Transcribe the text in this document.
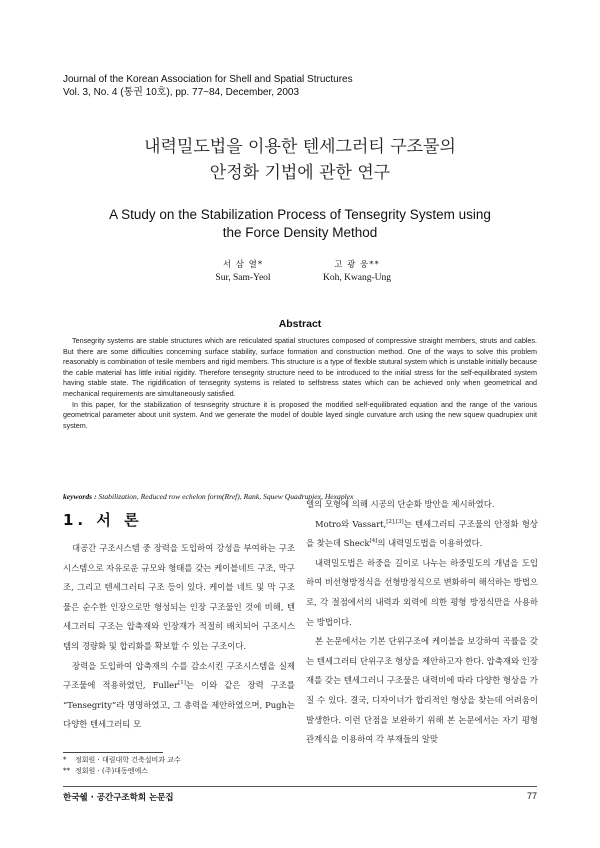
Journal of the Korean Association for Shell and Spatial Structures
Vol. 3, No. 4 (통권 10호), pp. 77~84, December, 2003
내력밀도법을 이용한 텐세그러티 구조물의
안정화 기법에 관한 연구
A Study on the Stabilization Process of Tensegrity System using
the Force Density Method
서 삼 열*
Sur, Sam-Yeol
고 광 웅**
Koh, Kwang-Ung
Abstract

Tensegrity systems are stable structures which are reticulated spatial structures composed of compressive straight members, struts and cables. But there are some difficulties concerning surface stability, surface formation and construction method. One of the ways to solve this problem reasonably is combination of tesile members and rigid members. This structure is a type of flexible stutural system which is unstable initially because the cable material has little initial rigidity. Therefore tensegrity structure need to be introduced to the initial stress for the self-equilibrated system having stable state. The rigidification of tensegrity systems is related to selfstress states which can be achieved only when geometrical and mechanical requirements are simultaneously satisfied.

In this paper, for the stabilization of tesnsegrity structure it is proposed the modified self-equilibrated equation and the range of the various geometrical parameter about unit system. And we generate the model of double layed single curvature arch using the new squew quadrupiex unit system.

keywords : Stabilization, Reduced row echelon form(Rref), Rank, Squew Quadrupiex, Hexaplex
1. 서 론

대공간 구조시스템 중 장력을 도입하여 강성을 부여하는 구조시스템으로 자유로운 규모와 형태를 갖는 케이블네트 구조, 막구조, 그리고 텐세그러티 구조 등이 있다. 케이블 네트 및 막 구조물은 순수한 인장으로만 형성되는 인장 구조물인 것에 비해, 텐세그러티 구조는 압축재와 인장재가 적절히 배치되어 구조시스템의 경량화 및 합리화를 확보할 수 있는 구조이다.

장력을 도입하여 압축재의 수를 감소시킨 구조시스템을 실제 구조물에 적용하였던, Fuller[1]는 이와 같은 장력 구조를 “Tensegrity”라 명명하였고, 그 총력을 제안하였으며, Pugh는 다양한 텐세그러티 모

델의 모형에 의해 시공의 단순화 방안을 제시하였다.

Motro와 Vassart,[2],[3]는 텐세그러티 구조물의 안정화 형상을 찾는데 Sheck[4]의 내력밀도법을 이용하였다.

내력밀도법은 하중을 길이로 나누는 하중밀도의 개념을 도입하여 비선형방정식을 선형방정식으로 변화하여 해석하는 방법으로, 각 절점에서의 내력과 외력에 의한 평형 방정식만을 사용하는 방법이다.

본 논문에서는 기본 단위구조에 케이블을 보강하여 곡률을 갖는 텐세그러티 단위구조 형상을 제안하고자 한다. 압축재와 인장재를 갖는 텐세그러니 구조물은 내력비에 따라 다양한 형상을 가질 수 있다. 결국, 디자이너가 합리적인 형상을 찾는데 어려움이 발생한다. 이런 단점을 보완하기 위해 본 논문에서는 자기 평형 관계식을 이용하여 각 부재들의 알맞

* 정회원 · 대림대학 건축설비과 교수
** 정회원 · (주)대동엔에스
한국쉘 · 공간구조학회 논문집	77
